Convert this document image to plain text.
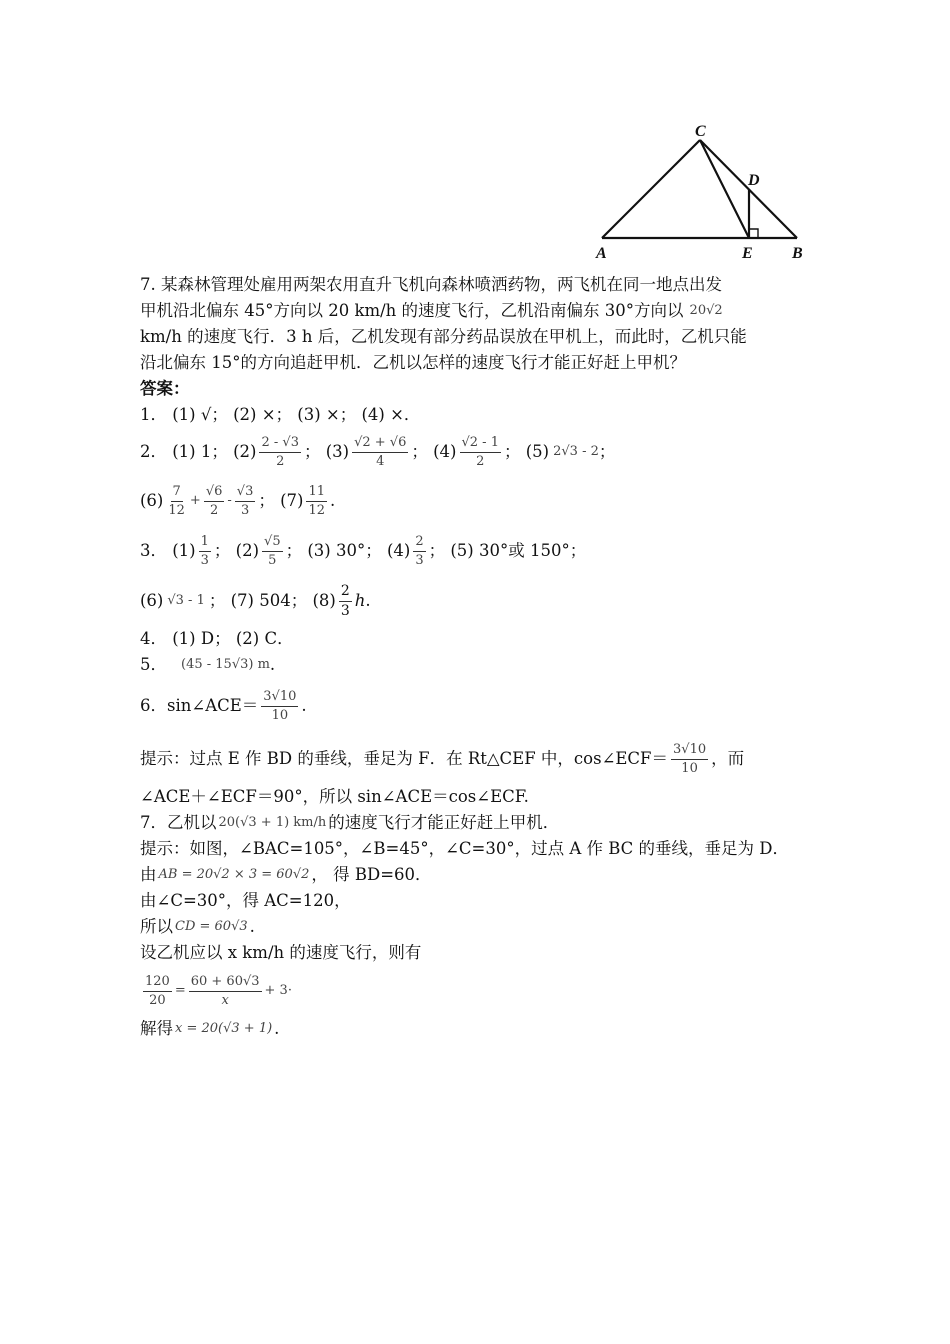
C
D
A	E B

7. 某森林管理处雇用两架农用直升飞机向森林喷洒药物，两飞机在同一地点出发

甲机沿北偏东 45°方向以 20 km/h 的速度飞行，乙机沿南偏东 30°方向以 20√2

km/h 的速度飞行．3 h 后，乙机发现有部分药品误放在甲机上，而此时，乙机只能

沿北偏东 15°的方向追赶甲机．乙机以怎样的速度飞行才能正好赶上甲机？

答案：

1． (1) √； (2) ×； (3) ×； (4) ×．

2． (1) 1； $(2) \frac{2 - √3}{2}$ ； $(3) \frac{√2 + √6}{4}$ ； $(4) \frac{√2 - 1}{2}$ ； (5) 2√3 - 2 ；
$(6) \frac{7}{12} + \frac{√6}{2} - \frac{√3}{3}$ ； $(7) \frac{11}{12}$ .
3． $(1) \frac{1}{3}$ ； $(2) \frac{√5}{5}$ ； (3) 30°； $(4) \frac{2}{3}$ ； (5) 30°或 150°；
(6) √3 - 1 ； (7) 504； $(8) \frac{2}{3}$ h .

4． (1) D； (2) C．

5． (45 - 15√3) m .
6．sin∠ACE＝ $\frac{3√10}{10}$ .
提示：过点 E 作 BD 的垂线，垂足为 F．在 Rt△CEF 中，cos∠ECF＝ $\frac{3√10}{10}$ ，而

∠ACE＋∠ECF＝90°，所以 sin∠ACE＝cos∠ECF.

7．乙机以 20(√3 + 1) km/h 的速度飞行才能正好赶上甲机．

提示：如图，∠BAC=105°，∠B=45°，∠C=30°，过点 A 作 BC 的垂线，垂足为 D．

由 AB = 20√2 × 3 = 60√2 ， 得 BD=60．

由∠C=30°，得 AC=120，

所以 CD = 60√3 .

设乙机应以 x km/h 的速度飞行，则有

$\frac{120}{20} = \frac{60 + 60√3}{x} + 3\cdot$
解得 x = 20(√3 + 1) .
